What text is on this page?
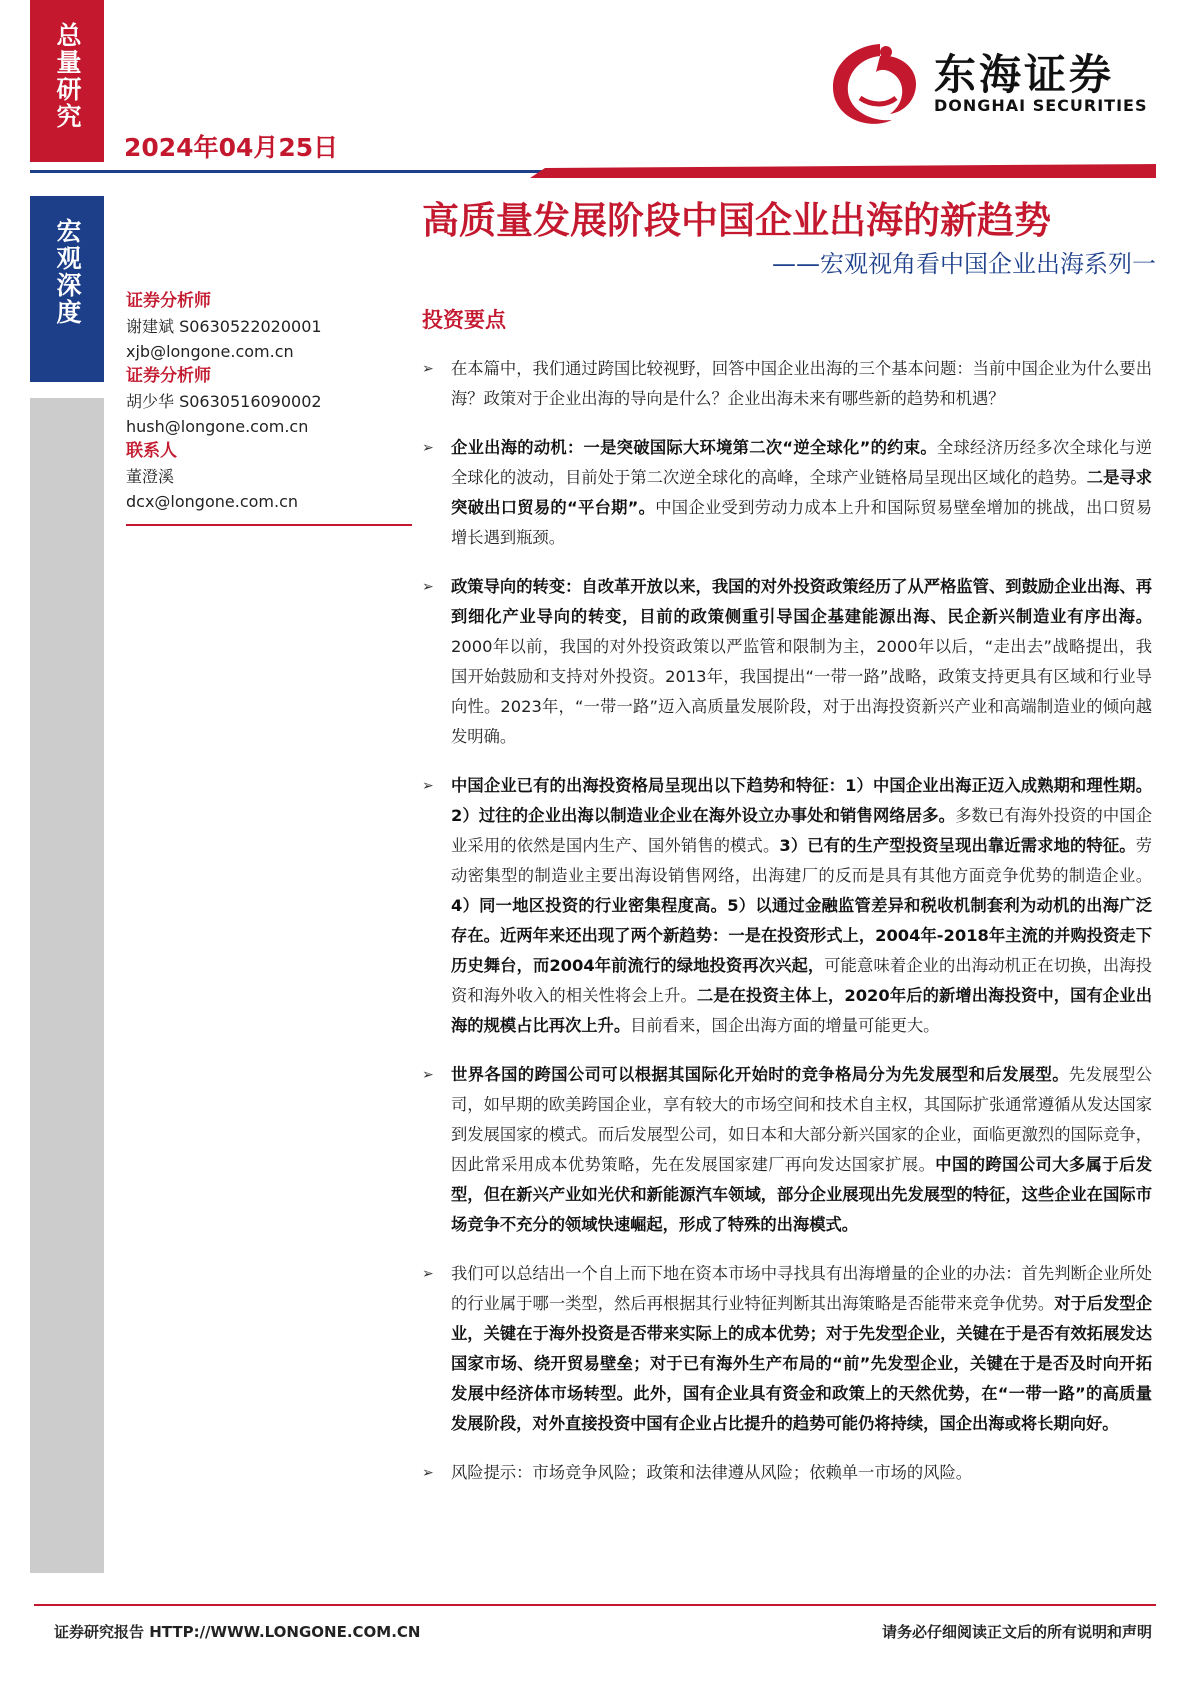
总量研究
宏观深度
2024年04月25日
东海证券
DONGHAI SECURITIES
高质量发展阶段中国企业出海的新趋势
——宏观视角看中国企业出海系列一
证券分析师
谢建斌 S0630522020001
xjb@longone.com.cn
证券分析师
胡少华 S0630516090002
hush@longone.com.cn
联系人
董澄溪
dcx@longone.com.cn
投资要点
➢ 在本篇中，我们通过跨国比较视野，回答中国企业出海的三个基本问题：当前中国企业为什么要出海？政策对于企业出海的导向是什么？企业出海未来有哪些新的趋势和机遇？
➢ 企业出海的动机：一是突破国际大环境第二次“逆全球化”的约束。全球经济历经多次全球化与逆全球化的波动，目前处于第二次逆全球化的高峰，全球产业链格局呈现出区域化的趋势。二是寻求突破出口贸易的“平台期”。中国企业受到劳动力成本上升和国际贸易壁垒增加的挑战，出口贸易增长遇到瓶颈。
➢ 政策导向的转变：自改革开放以来，我国的对外投资政策经历了从严格监管、到鼓励企业出海、再到细化产业导向的转变，目前的政策侧重引导国企基建能源出海、民企新兴制造业有序出海。2000年以前，我国的对外投资政策以严监管和限制为主，2000年以后，“走出去”战略提出，我国开始鼓励和支持对外投资。2013年，我国提出“一带一路”战略，政策支持更具有区域和行业导向性。2023年，“一带一路”迈入高质量发展阶段，对于出海投资新兴产业和高端制造业的倾向越发明确。
➢ 中国企业已有的出海投资格局呈现出以下趋势和特征：1）中国企业出海正迈入成熟期和理性期。2）过往的企业出海以制造业企业在海外设立办事处和销售网络居多。多数已有海外投资的中国企业采用的依然是国内生产、国外销售的模式。3）已有的生产型投资呈现出靠近需求地的特征。劳动密集型的制造业主要出海设销售网络，出海建厂的反而是具有其他方面竞争优势的制造企业。4）同一地区投资的行业密集程度高。5）以通过金融监管差异和税收机制套利为动机的出海广泛存在。近两年来还出现了两个新趋势：一是在投资形式上，2004年-2018年主流的并购投资走下历史舞台，而2004年前流行的绿地投资再次兴起，可能意味着企业的出海动机正在切换，出海投资和海外收入的相关性将会上升。二是在投资主体上，2020年后的新增出海投资中，国有企业出海的规模占比再次上升。目前看来，国企出海方面的增量可能更大。
➢ 世界各国的跨国公司可以根据其国际化开始时的竞争格局分为先发展型和后发展型。先发展型公司，如早期的欧美跨国企业，享有较大的市场空间和技术自主权，其国际扩张通常遵循从发达国家到发展国家的模式。而后发展型公司，如日本和大部分新兴国家的企业，面临更激烈的国际竞争，因此常采用成本优势策略，先在发展国家建厂再向发达国家扩展。中国的跨国公司大多属于后发型，但在新兴产业如光伏和新能源汽车领域，部分企业展现出先发展型的特征，这些企业在国际市场竞争不充分的领域快速崛起，形成了特殊的出海模式。
➢ 我们可以总结出一个自上而下地在资本市场中寻找具有出海增量的企业的办法：首先判断企业所处的行业属于哪一类型，然后再根据其行业特征判断其出海策略是否能带来竞争优势。对于后发型企业，关键在于海外投资是否带来实际上的成本优势；对于先发型企业，关键在于是否有效拓展发达国家市场、绕开贸易壁垒；对于已有海外生产布局的“前”先发型企业，关键在于是否及时向开拓发展中经济体市场转型。此外，国有企业具有资金和政策上的天然优势，在“一带一路”的高质量发展阶段，对外直接投资中国有企业占比提升的趋势可能仍将持续，国企出海或将长期向好。
➢ 风险提示：市场竞争风险；政策和法律遵从风险；依赖单一市场的风险。
证券研究报告 HTTP://WWW.LONGONE.COM.CN	请务必仔细阅读正文后的所有说明和声明
